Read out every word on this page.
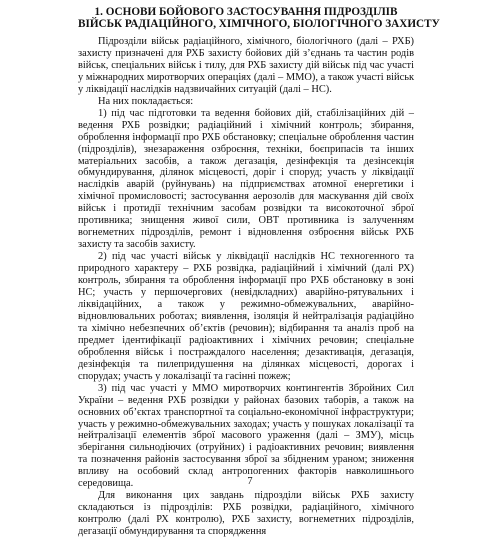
1. ОСНОВИ БОЙОВОГО ЗАСТОСУВАННЯ ПІДРОЗДІЛІВ
ВІЙСЬК РАДІАЦІЙНОГО, ХІМІЧНОГО, БІОЛОГІЧНОГО ЗАХИСТУ

Підрозділи військ радіаційного, хімічного, біологічного (далі – РХБ) захисту призначені для РХБ захисту бойових дій з’єднань та частин родів військ, спеціальних військ і тилу, для РХБ захисту дій військ під час участі у міжнародних миротворчих операціях (далі – ММО), а також участі військ у ліквідації наслідків надзвичайних ситуацій (далі – НС).

На них покладається:

1) під час підготовки та ведення бойових дій, стабілізаційних дій – ведення РХБ розвідки; радіаційний і хімічний контроль; збирання, оброблення інформації про РХБ обстановку; спеціальне оброблення частин (підрозділів), знезараження озброєння, техніки, боєприпасів та інших матеріальних засобів, а також дегазація, дезінфекція та дезінсекція обмундирування, ділянок місцевості, доріг і споруд; участь у ліквідації наслідків аварій (руйнувань) на підприємствах атомної енергетики і хімічної промисловості; застосування аерозолів для маскування дій своїх військ і протидії технічним засобам розвідки та високоточної зброї противника; знищення живої сили, ОВТ противника із залученням вогнеметних підрозділів, ремонт і відновлення озброєння військ РХБ захисту та засобів захисту.

2) під час участі військ у ліквідації наслідків НС техногенного та природного характеру – РХБ розвідка, радіаційний і хімічний (далі РХ) контроль, збирання та оброблення інформації про РХБ обстановку в зоні НС; участь у першочергових (невідкладних) аварійно-рятувальних і ліквідаційних, а також у режимно-обмежувальних, аварійно-відновлювальних роботах; виявлення, ізоляція й нейтралізація радіаційно та хімічно небезпечних об’єктів (речовин); відбирання та аналіз проб на предмет ідентифікації радіоактивних і хімічних речовин; спеціальне оброблення військ і постраждалого населення; дезактивація, дегазація, дезінфекція та пилепридушення на ділянках місцевості, дорогах і спорудах; участь у локалізації та гасінні пожеж;

3) під час участі у ММО миротворчих контингентів Збройних Сил України – ведення РХБ розвідки у районах базових таборів, а також на основних об’єктах транспортної та соціально-економічної інфраструктури; участь у режимно-обмежувальних заходах; участь у пошуках локалізації та нейтралізації елементів зброї масового ураження (далі – ЗМУ), місць зберігання сильнодіючих (отруйних) і радіоактивних речовин; виявлення та позначення районів застосування зброї за збідненим ураном; зниження впливу на особовий склад антропогенних факторів навколишнього середовища.

Для виконання цих завдань підрозділи військ РХБ захисту складаються із підрозділів: РХБ розвідки, радіаційного, хімічного контролю (далі РХ контролю), РХБ захисту, вогнеметних підрозділів, дегазації обмундирування та спорядження

7
